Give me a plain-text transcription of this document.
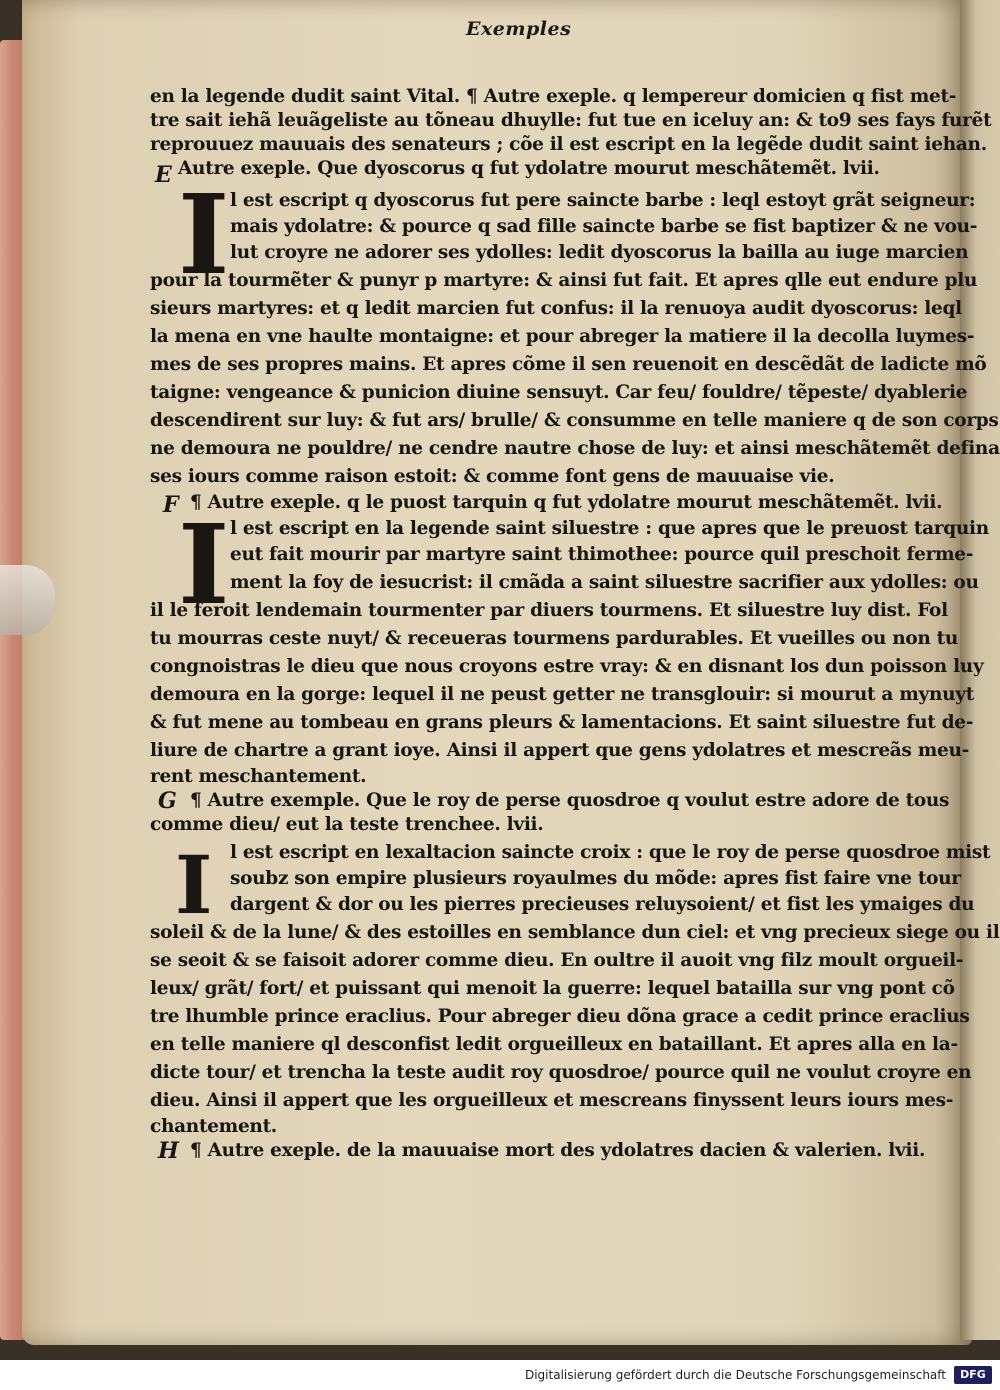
Exemples
E
F
G
H
I
I
I
en la legende dudit saint Vital. ¶ Autre exeple. q lempereur domicien q fist met-
tre sait iehã leuãgeliste au tõneau dhuylle: fut tue en iceluy an: & to9 ses fays furẽt
reprouuez mauuais des senateurs ; cõe il est escript en la legẽde dudit saint iehan.
Autre exeple. Que dyoscorus q fut ydolatre mourut meschãtemẽt. lvii.
l est escript q dyoscorus fut pere saincte barbe : leql estoyt grãt seigneur:
mais ydolatre: & pource q sad fille saincte barbe se fist baptizer & ne vou-
lut croyre ne adorer ses ydolles: ledit dyoscorus la bailla au iuge marcien
pour la tourmẽter & punyr p martyre: & ainsi fut fait. Et apres qlle eut endure plu
sieurs martyres: et q ledit marcien fut confus: il la renuoya audit dyoscorus: leql
la mena en vne haulte montaigne: et pour abreger la matiere il la decolla luymes-
mes de ses propres mains. Et apres cõme il sen reuenoit en descẽdãt de ladicte mõ
taigne: vengeance & punicion diuine sensuyt. Car feu/ fouldre/ tẽpeste/ dyablerie
descendirent sur luy: & fut ars/ brulle/ & consumme en telle maniere q de son corps
ne demoura ne pouldre/ ne cendre nautre chose de luy: et ainsi meschãtemẽt defina
ses iours comme raison estoit: & comme font gens de mauuaise vie.
¶ Autre exeple. q le puost tarquin q fut ydolatre mourut meschãtemẽt. lvii.
l est escript en la legende saint siluestre : que apres que le preuost tarquin
eut fait mourir par martyre saint thimothee: pource quil preschoit ferme-
ment la foy de iesucrist: il cmãda a saint siluestre sacrifier aux ydolles: ou
il le feroit lendemain tourmenter par diuers tourmens. Et siluestre luy dist. Fol
tu mourras ceste nuyt/ & receueras tourmens pardurables. Et vueilles ou non tu
congnoistras le dieu que nous croyons estre vray: & en disnant los dun poisson luy
demoura en la gorge: lequel il ne peust getter ne transglouir: si mourut a mynuyt
& fut mene au tombeau en grans pleurs & lamentacions. Et saint siluestre fut de-
liure de chartre a grant ioye. Ainsi il appert que gens ydolatres et mescreãs meu-
rent meschantement.
¶ Autre exemple. Que le roy de perse quosdroe q voulut estre adore de tous
comme dieu/ eut la teste trenchee. lvii.
l est escript en lexaltacion saincte croix : que le roy de perse quosdroe mist
soubz son empire plusieurs royaulmes du mõde: apres fist faire vne tour
dargent & dor ou les pierres precieuses reluysoient/ et fist les ymaiges du
soleil & de la lune/ & des estoilles en semblance dun ciel: et vng precieux siege ou il
se seoit & se faisoit adorer comme dieu. En oultre il auoit vng filz moult orgueil-
leux/ grãt/ fort/ et puissant qui menoit la guerre: lequel batailla sur vng pont cõ
tre lhumble prince eraclius. Pour abreger dieu dõna grace a cedit prince eraclius
en telle maniere ql desconfist ledit orgueilleux en bataillant. Et apres alla en la-
dicte tour/ et trencha la teste audit roy quosdroe/ pource quil ne voulut croyre en
dieu. Ainsi il appert que les orgueilleux et mescreans finyssent leurs iours mes-
chantement.
¶ Autre exeple. de la mauuaise mort des ydolatres dacien & valerien. lvii.
Digitalisierung gefördert durch die Deutsche Forschungsgemeinschaft	DFG
